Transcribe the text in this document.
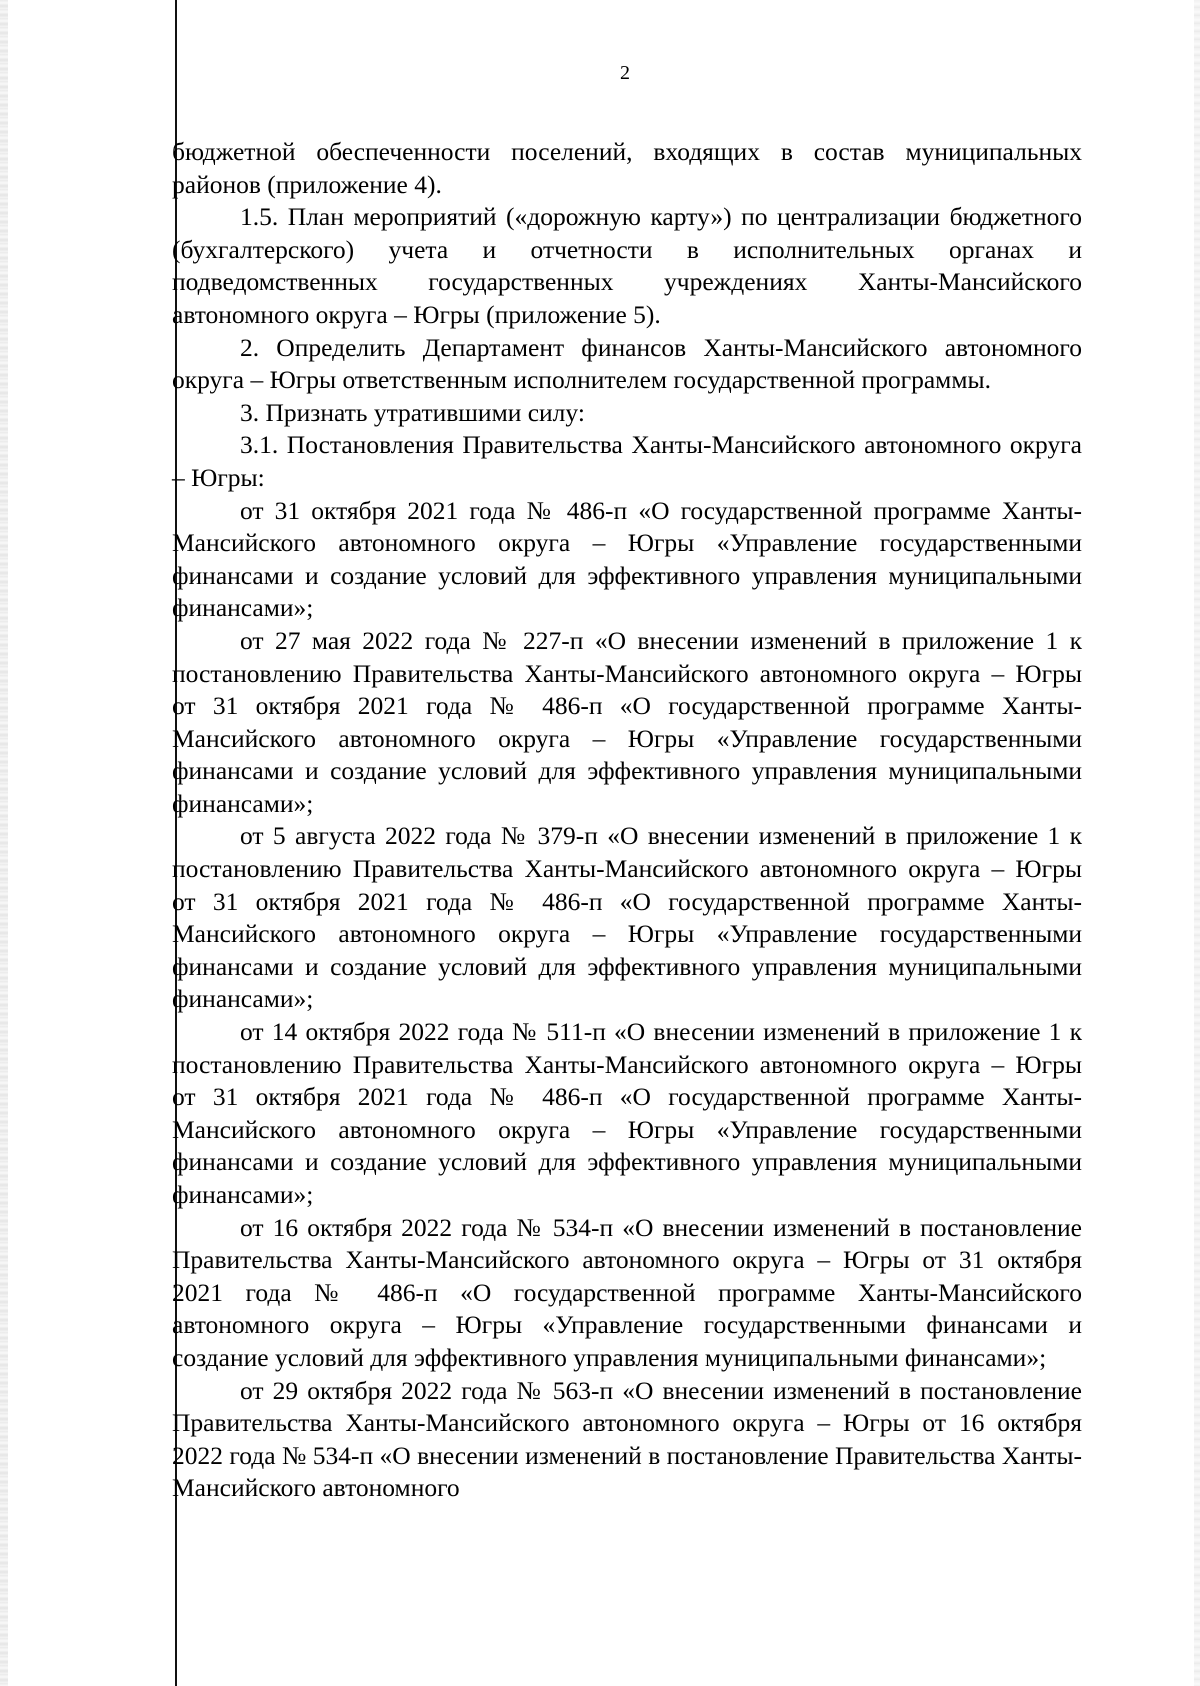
2

бюджетной обеспеченности поселений, входящих в состав муниципальных районов (приложение 4).

1.5. План мероприятий («дорожную карту») по централизации бюджетного (бухгалтерского) учета и отчетности в исполнительных органах и подведомственных государственных учреждениях Ханты-Мансийского автономного округа – Югры (приложение 5).

2. Определить Департамент финансов Ханты-Мансийского автономного округа – Югры ответственным исполнителем государственной программы.

3. Признать утратившими силу:

3.1. Постановления Правительства Ханты-Мансийского автономного округа – Югры:

от 31 октября 2021 года № 486-п «О государственной программе Ханты-Мансийского автономного округа – Югры «Управление государственными финансами и создание условий для эффективного управления муниципальными финансами»;

от 27 мая 2022 года № 227-п «О внесении изменений в приложение 1 к постановлению Правительства Ханты-Мансийского автономного округа – Югры от 31 октября 2021 года № 486-п «О государственной программе Ханты-Мансийского автономного округа – Югры «Управление государственными финансами и создание условий для эффективного управления муниципальными финансами»;

от 5 августа 2022 года № 379-п «О внесении изменений в приложение 1 к постановлению Правительства Ханты-Мансийского автономного округа – Югры от 31 октября 2021 года № 486-п «О государственной программе Ханты-Мансийского автономного округа – Югры «Управление государственными финансами и создание условий для эффективного управления муниципальными финансами»;

от 14 октября 2022 года № 511-п «О внесении изменений в приложение 1 к постановлению Правительства Ханты-Мансийского автономного округа – Югры от 31 октября 2021 года № 486-п «О государственной программе Ханты-Мансийского автономного округа – Югры «Управление государственными финансами и создание условий для эффективного управления муниципальными финансами»;

от 16 октября 2022 года № 534-п «О внесении изменений в постановление Правительства Ханты-Мансийского автономного округа – Югры от 31 октября 2021 года № 486-п «О государственной программе Ханты-Мансийского автономного округа – Югры «Управление государственными финансами и создание условий для эффективного управления муниципальными финансами»;

от 29 октября 2022 года № 563-п «О внесении изменений в постановление Правительства Ханты-Мансийского автономного округа – Югры от 16 октября 2022 года № 534-п «О внесении изменений в постановление Правительства Ханты-Мансийского автономного
